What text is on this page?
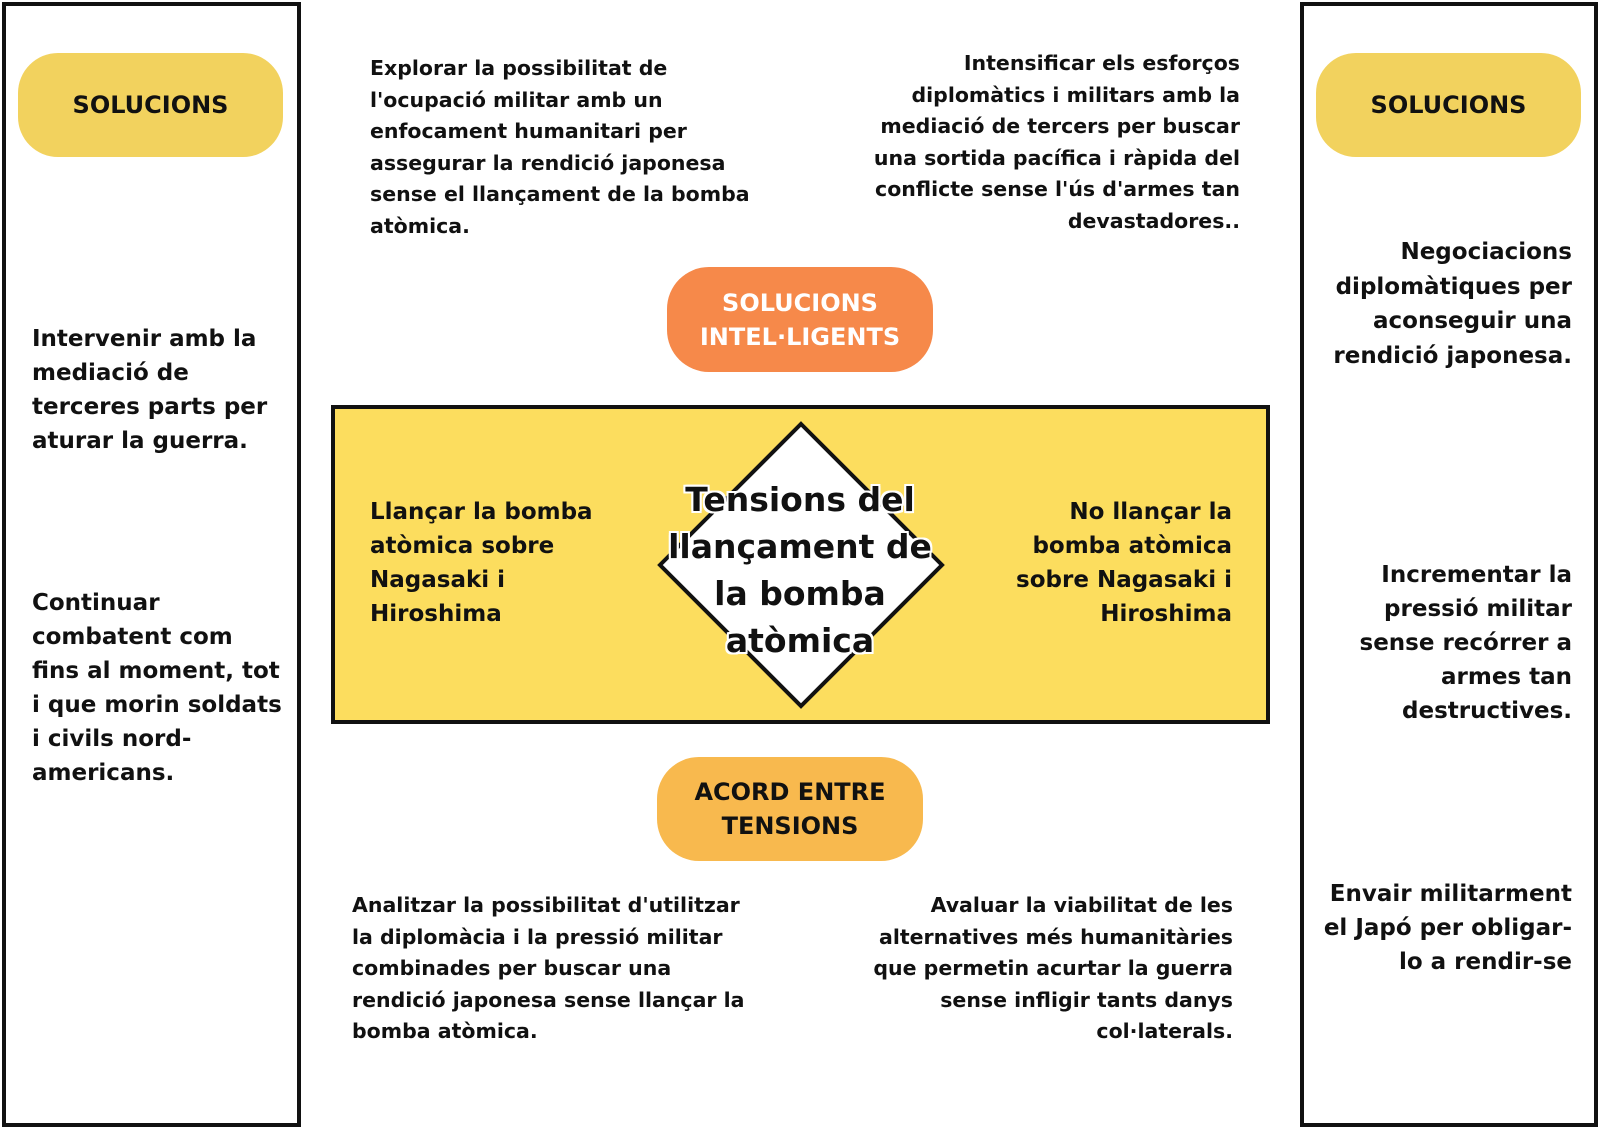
SOLUCIONS
Intervenir amb la mediació de terceres parts per aturar la guerra.
Continuar combatent com fins al moment, tot i que morin soldats i civils nord-americans.
SOLUCIONS
Negociacions diplomàtiques per aconseguir una rendició japonesa.
Incrementar la pressió militar sense recórrer a armes tan destructives.
Envair militarment el Japó per obligar-lo a rendir-se
Explorar la possibilitat de l'ocupació militar amb un enfocament humanitari per assegurar la rendició japonesa sense el llançament de la bomba atòmica.
Intensificar els esforços diplomàtics i militars amb la mediació de tercers per buscar una sortida pacífica i ràpida del conflicte sense l'ús d'armes tan devastadores..
SOLUCIONS INTEL·LIGENTS
Llançar la bomba atòmica sobre Nagasaki i Hiroshima
No llançar la bomba atòmica sobre Nagasaki i Hiroshima
Tensions del llançament de la bomba atòmica
ACORD ENTRE TENSIONS
Analitzar la possibilitat d'utilitzar la diplomàcia i la pressió militar combinades per buscar una rendició japonesa sense llançar la bomba atòmica.
Avaluar la viabilitat de les alternatives més humanitàries que permetin acurtar la guerra sense infligir tants danys col·laterals.
